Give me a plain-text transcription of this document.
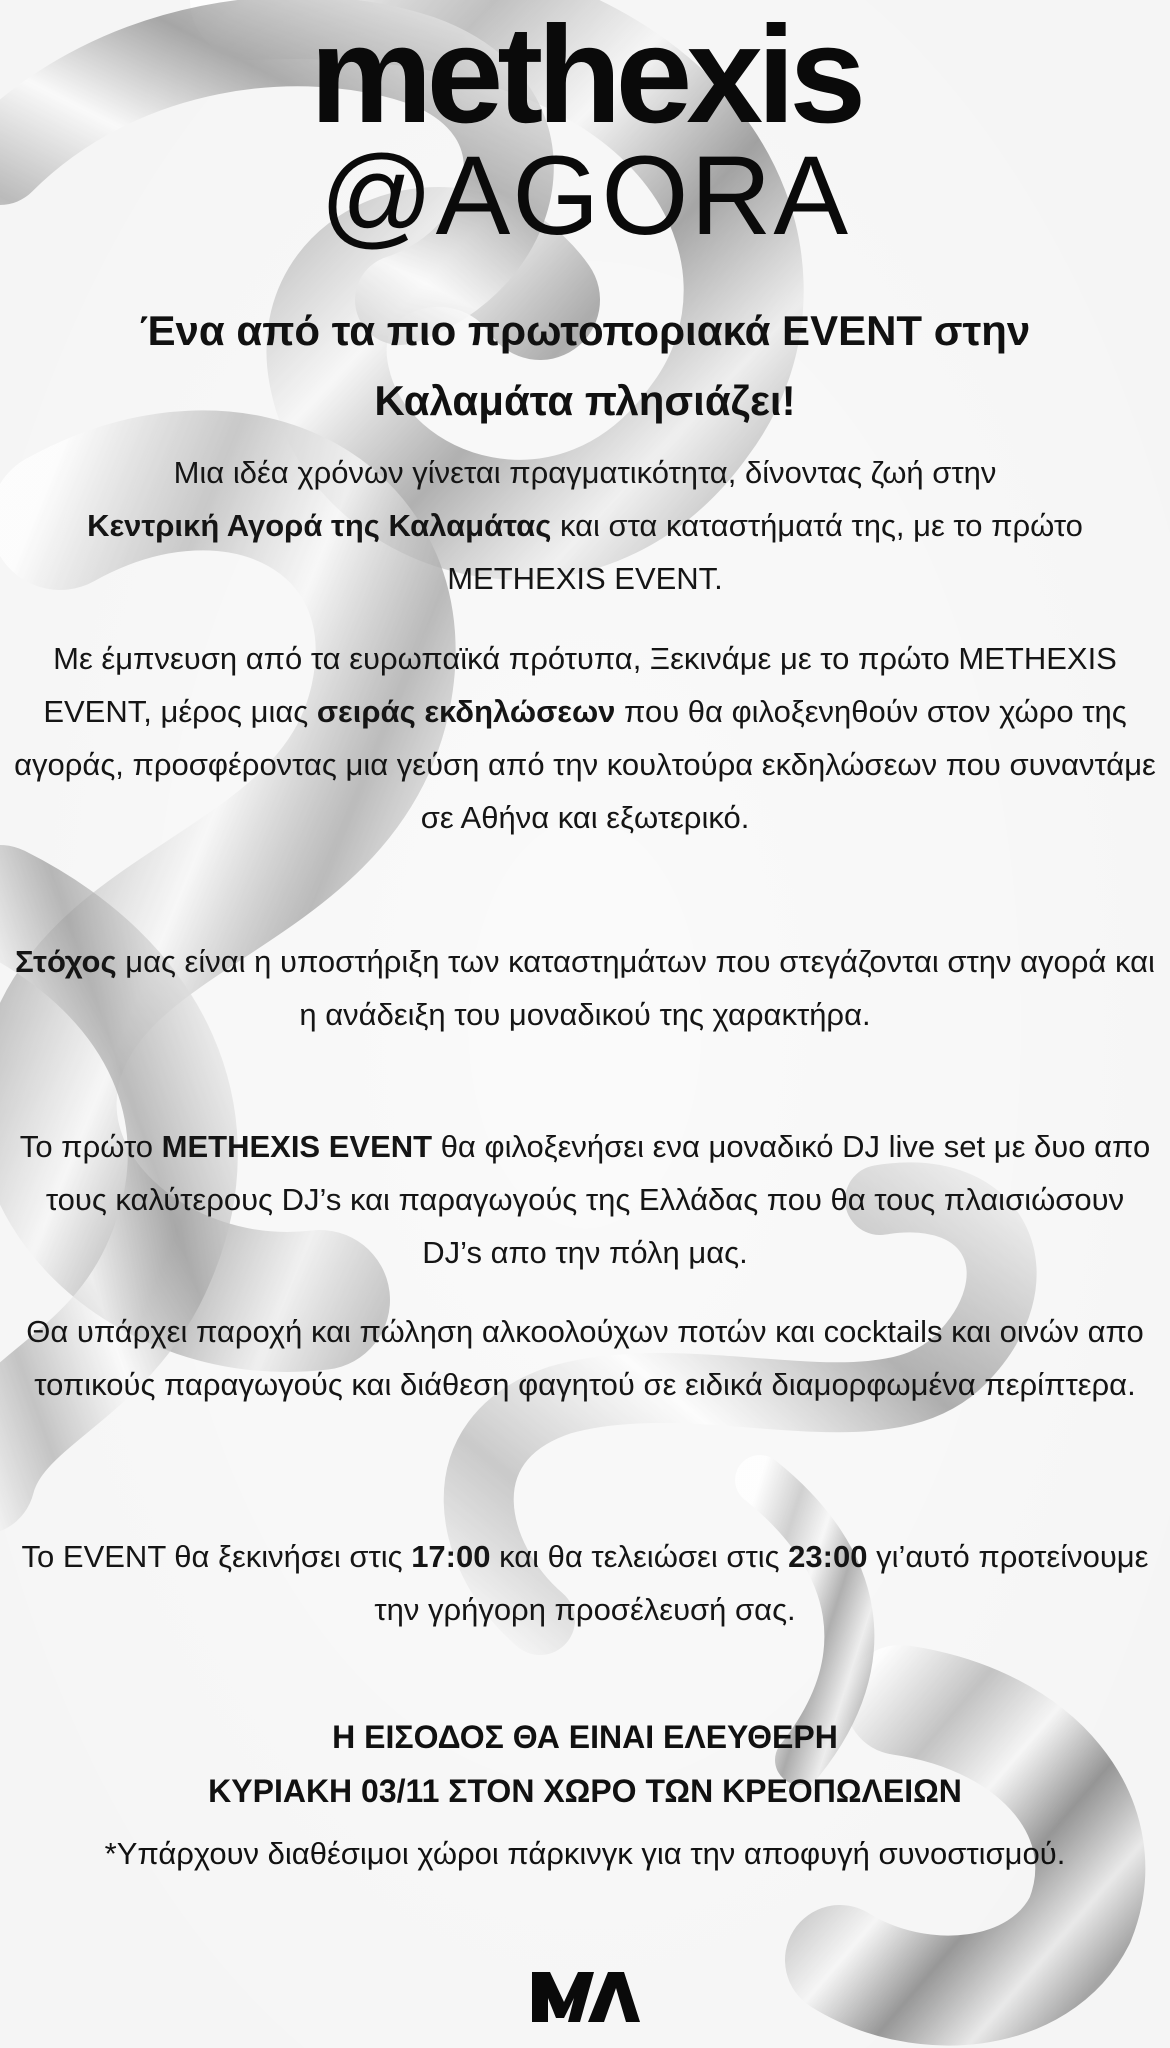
methexis
@AGORA
Ένα από τα πιο πρωτοποριακά EVENT στην
Καλαμάτα πλησιάζει!
Μια ιδέα χρόνων γίνεται πραγματικότητα, δίνοντας ζωή στην
Κεντρική Αγορά της Καλαμάτας και στα καταστήματά της, με το πρώτο METHEXIS EVENT.
Με έμπνευση από τα ευρωπαϊκά πρότυπα, Ξεκινάμε με το πρώτο METHEXIS EVENT, μέρος μιας σειράς εκδηλώσεων που θα φιλοξενηθούν στον χώρο της αγοράς, προσφέροντας μια γεύση από την κουλτούρα εκδηλώσεων που συναντάμε σε Αθήνα και εξωτερικό.
Στόχος μας είναι η υποστήριξη των καταστημάτων που στεγάζονται στην αγορά και η ανάδειξη του μοναδικού της χαρακτήρα.
Το πρώτο METHEXIS EVENT θα φιλοξενήσει ενα μοναδικό DJ live set με δυο απο τους καλύτερους DJ’s και παραγωγούς της Ελλάδας που θα τους πλαισιώσουν DJ’s απο την πόλη μας.
Θα υπάρχει παροχή και πώληση αλκοολούχων ποτών και cocktails και οινών απο τοπικούς παραγωγούς και διάθεση φαγητού σε ειδικά διαμορφωμένα περίπτερα.
Το EVENT θα ξεκινήσει στις 17:00 και θα τελειώσει στις 23:00 γι’αυτό προτείνουμε την γρήγορη προσέλευσή σας.
Η ΕΙΣΟΔΟΣ ΘΑ ΕΙΝΑΙ ΕΛΕΥΘΕΡΗ
ΚΥΡΙΑΚΗ 03/11 ΣΤΟΝ ΧΩΡΟ ΤΩΝ ΚΡΕΟΠΩΛΕΙΩΝ
*Υπάρχουν διαθέσιμοι χώροι πάρκινγκ για την αποφυγή συνοστισμού.
